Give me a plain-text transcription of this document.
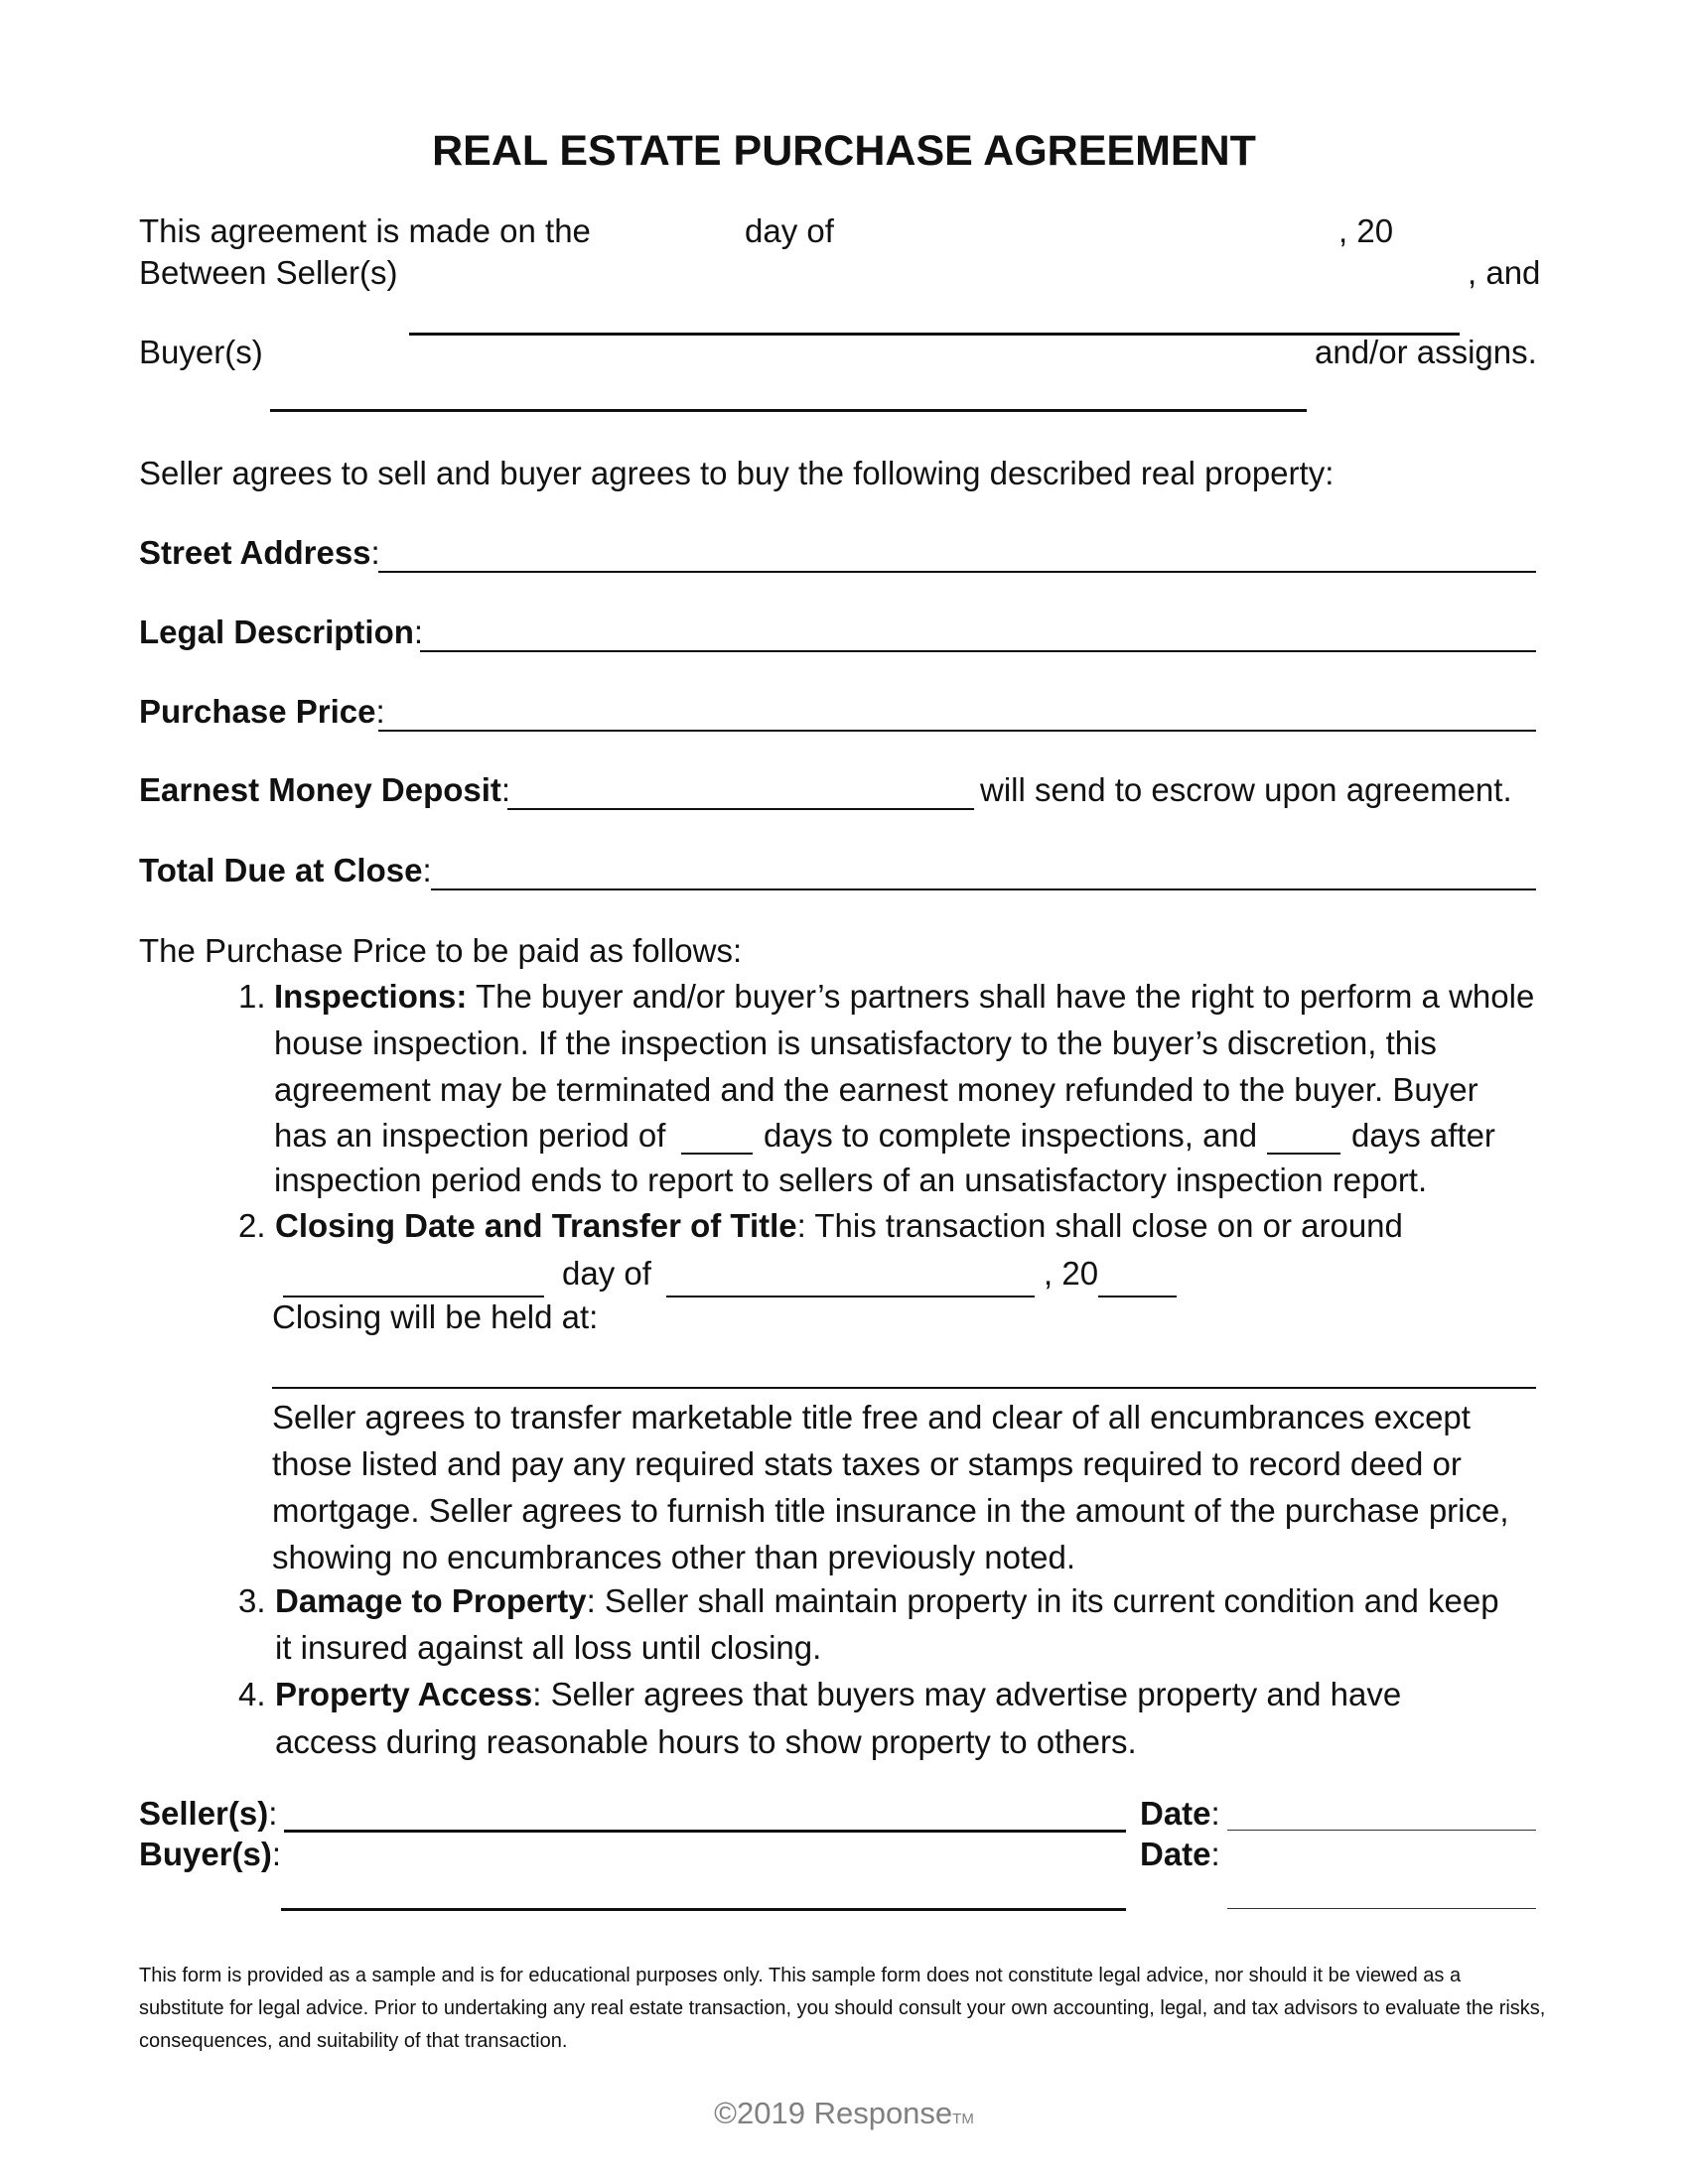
REAL ESTATE PURCHASE AGREEMENT
This agreement is made on the	day of	, 20
Between Seller(s)	, and
Buyer(s)	and/or assigns.
Seller agrees to sell and buyer agrees to buy the following described real property:
Street Address:
Legal Description:
Purchase Price:
Earnest Money Deposit:	will send to escrow upon agreement.
Total Due at Close:
The Purchase Price to be paid as follows:
1. Inspections: The buyer and/or buyer’s partners shall have the right to perform a whole
house inspection. If the inspection is unsatisfactory to the buyer’s discretion, this
agreement may be terminated and the earnest money refunded to the buyer. Buyer
has an inspection period of	days to complete inspections, and	days after
inspection period ends to report to sellers of an unsatisfactory inspection report.
2. Closing Date and Transfer of Title: This transaction shall close on or around
day of	, 20
Closing will be held at:
Seller agrees to transfer marketable title free and clear of all encumbrances except those listed and pay any required stats taxes or stamps required to record deed or mortgage. Seller agrees to furnish title insurance in the amount of the purchase price, showing no encumbrances other than previously noted.
3. Damage to Property: Seller shall maintain property in its current condition and keep
it insured against all loss until closing.
4. Property Access: Seller agrees that buyers may advertise property and have
access during reasonable hours to show property to others.
Seller(s):	Date:
Buyer(s):	Date:
This form is provided as a sample and is for educational purposes only. This sample form does not constitute legal advice, nor should it be viewed as a substitute for legal advice. Prior to undertaking any real estate transaction, you should consult your own accounting, legal, and tax advisors to evaluate the risks, consequences, and suitability of that transaction.
©2019 ResponseTM
